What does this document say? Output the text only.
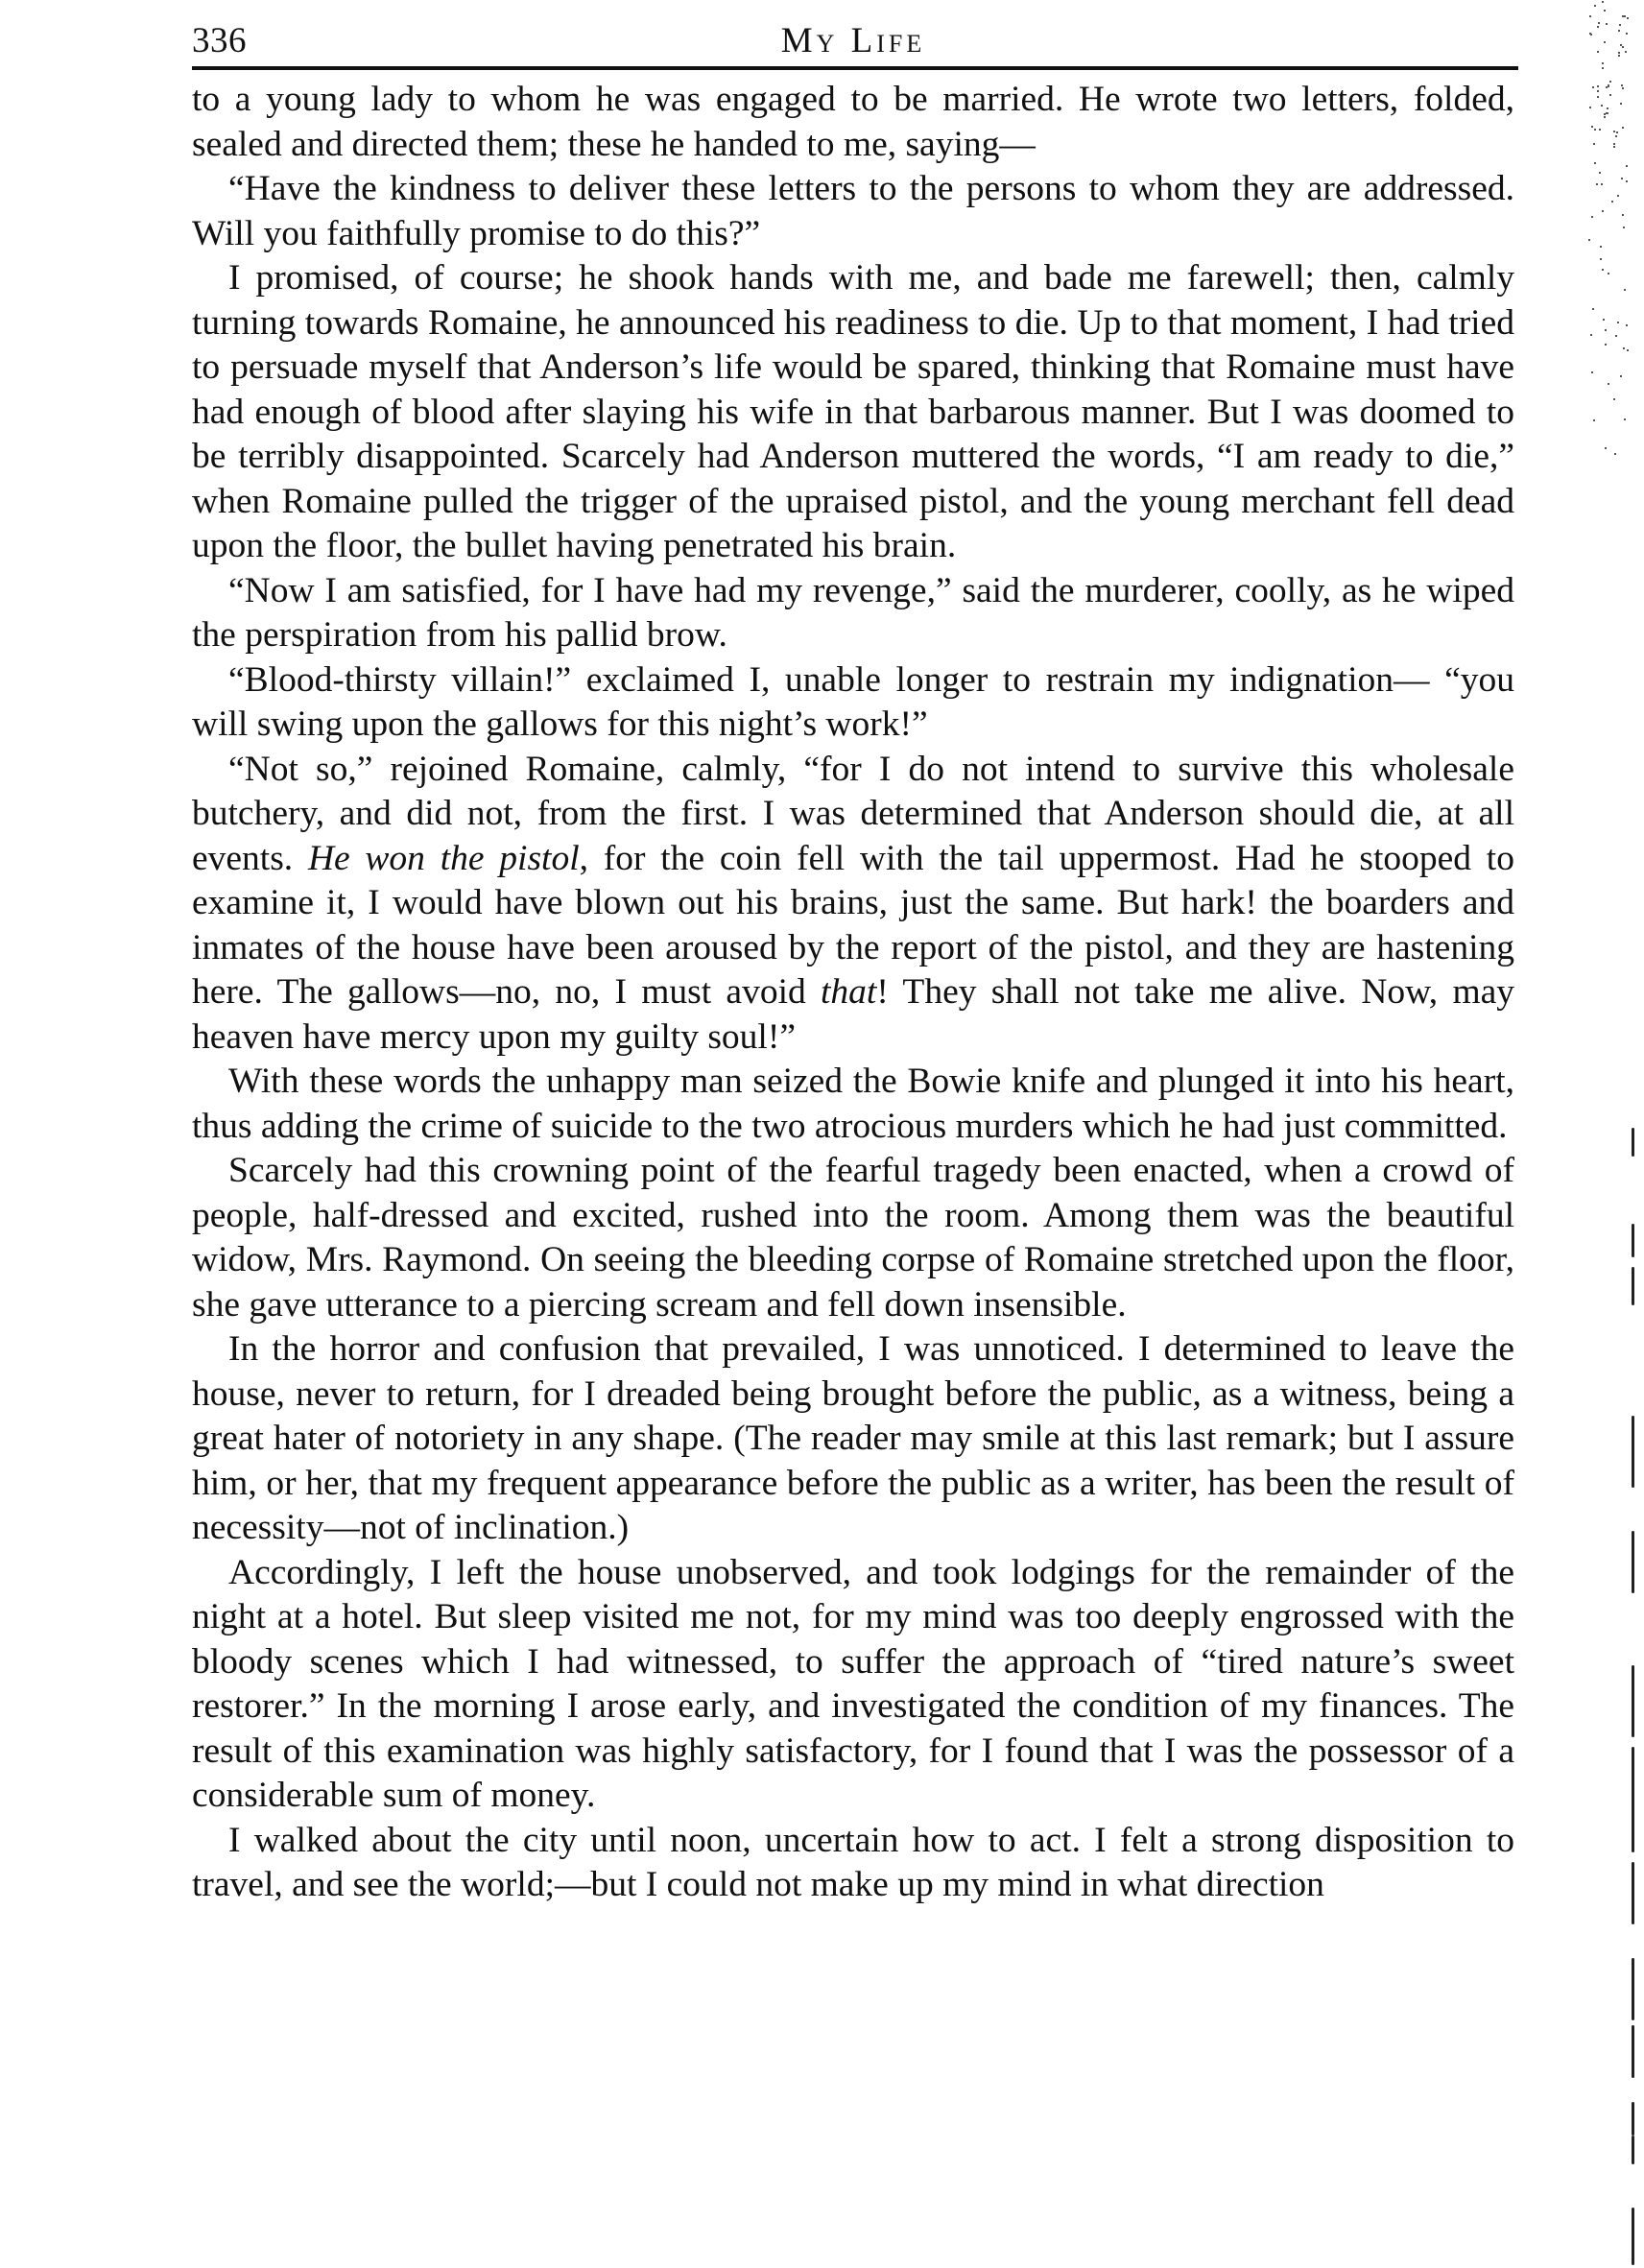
336	My Life

to a young lady to whom he was engaged to be married. He wrote two letters, folded, sealed and directed them; these he handed to me, saying—

“Have the kindness to deliver these letters to the persons to whom they are addressed. Will you faithfully promise to do this?”

I promised, of course; he shook hands with me, and bade me farewell; then, calmly turning towards Romaine, he announced his readiness to die. Up to that moment, I had tried to persuade myself that Anderson’s life would be spared, thinking that Romaine must have had enough of blood after slaying his wife in that barbarous manner. But I was doomed to be terribly disappointed. Scarcely had Anderson muttered the words, “I am ready to die,” when Romaine pulled the trigger of the upraised pistol, and the young merchant fell dead upon the floor, the bullet having penetrated his brain.

“Now I am satisfied, for I have had my revenge,” said the murderer, coolly, as he wiped the perspiration from his pallid brow.

“Blood-thirsty villain!” exclaimed I, unable longer to restrain my indignation— “you will swing upon the gallows for this night’s work!”

“Not so,” rejoined Romaine, calmly, “for I do not intend to survive this wholesale butchery, and did not, from the first. I was determined that Anderson should die, at all events. He won the pistol, for the coin fell with the tail uppermost. Had he stooped to examine it, I would have blown out his brains, just the same. But hark! the boarders and inmates of the house have been aroused by the report of the pistol, and they are hastening here. The gallows—no, no, I must avoid that! They shall not take me alive. Now, may heaven have mercy upon my guilty soul!”

With these words the unhappy man seized the Bowie knife and plunged it into his heart, thus adding the crime of suicide to the two atrocious murders which he had just committed.

Scarcely had this crowning point of the fearful tragedy been enacted, when a crowd of people, half-dressed and excited, rushed into the room. Among them was the beautiful widow, Mrs. Raymond. On seeing the bleeding corpse of Romaine stretched upon the floor, she gave utterance to a piercing scream and fell down insensible.

In the horror and confusion that prevailed, I was unnoticed. I determined to leave the house, never to return, for I dreaded being brought before the public, as a witness, being a great hater of notoriety in any shape. (The reader may smile at this last remark; but I assure him, or her, that my frequent appearance before the public as a writer, has been the result of necessity—not of inclination.)

Accordingly, I left the house unobserved, and took lodgings for the remainder of the night at a hotel. But sleep visited me not, for my mind was too deeply engrossed with the bloody scenes which I had witnessed, to suffer the approach of “tired nature’s sweet restorer.” In the morning I arose early, and investigated the condition of my finances. The result of this examination was highly satisfactory, for I found that I was the possessor of a considerable sum of money.

I walked about the city until noon, uncertain how to act. I felt a strong disposition to travel, and see the world;—but I could not make up my mind in what direction
